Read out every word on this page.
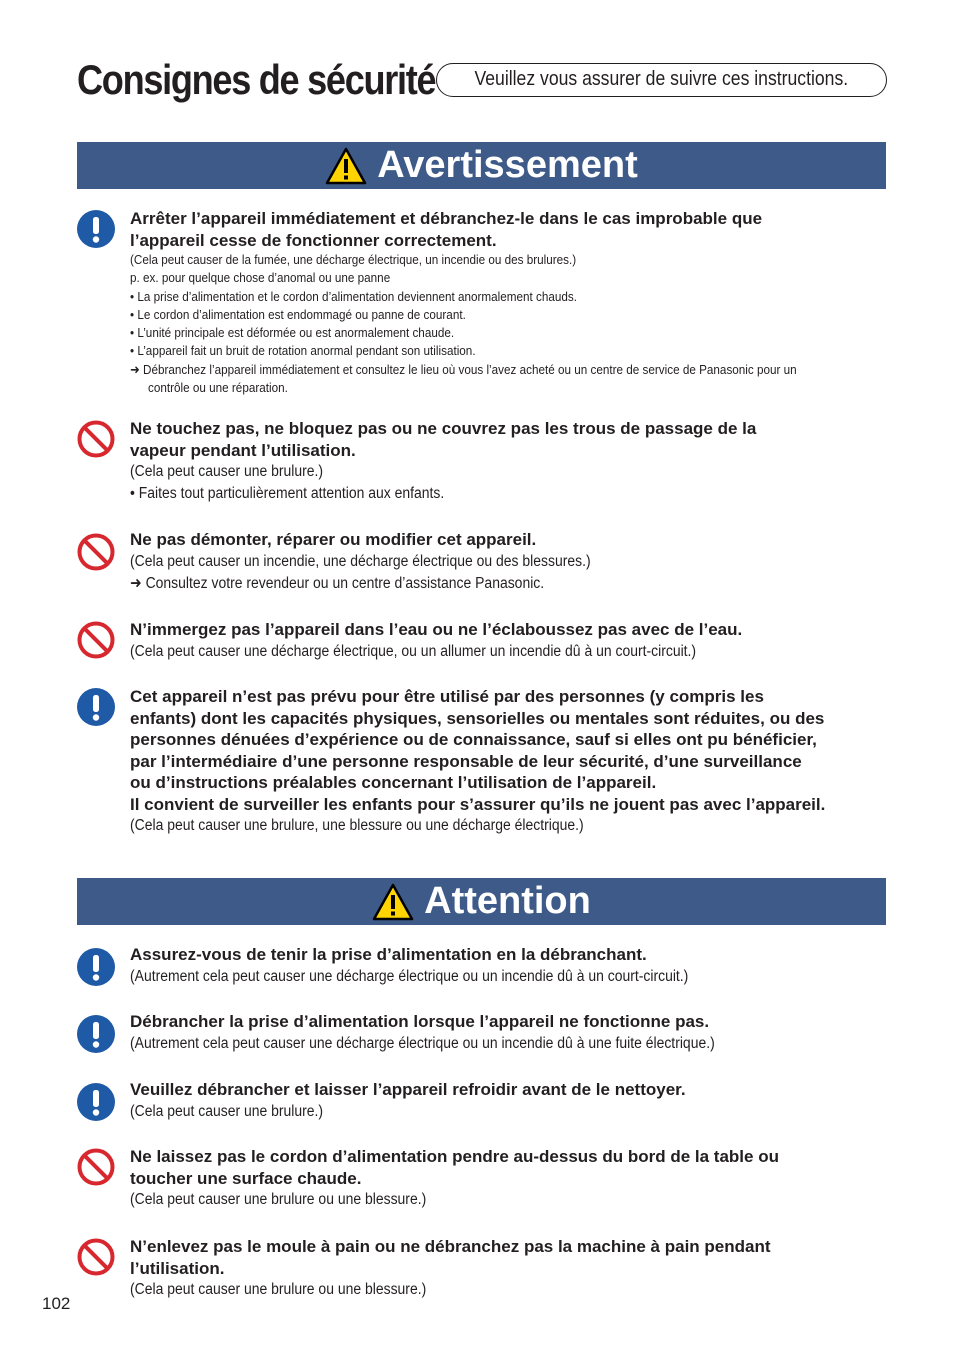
Consignes de sécurité	Veuillez vous assurer de suivre ces instructions.
Avertissement
Arrêter l’appareil immédiatement et débranchez-le dans le cas improbable que
l’appareil cesse de fonctionner correctement.
(Cela peut causer de la fumée, une décharge électrique, un incendie ou des brulures.)
p. ex. pour quelque chose d’anomal ou une panne
• La prise d’alimentation et le cordon d’alimentation deviennent anormalement chauds.
• Le cordon d’alimentation est endommagé ou panne de courant.
• L’unité principale est déformée ou est anormalement chaude.
• L’appareil fait un bruit de rotation anormal pendant son utilisation.
➜ Débranchez l’appareil immédiatement et consultez le lieu où vous l’avez acheté ou un centre de service de Panasonic pour un
contrôle ou une réparation.
Ne touchez pas, ne bloquez pas ou ne couvrez pas les trous de passage de la
vapeur pendant l’utilisation.
(Cela peut causer une brulure.)
• Faites tout particulièrement attention aux enfants.
Ne pas démonter, réparer ou modifier cet appareil.
(Cela peut causer un incendie, une décharge électrique ou des blessures.)
➜ Consultez votre revendeur ou un centre d’assistance Panasonic.
N’immergez pas l’appareil dans l’eau ou ne l’éclaboussez pas avec de l’eau.
(Cela peut causer une décharge électrique, ou un allumer un incendie dû à un court-circuit.)
Cet appareil n’est pas prévu pour être utilisé par des personnes (y compris les
enfants) dont les capacités physiques, sensorielles ou mentales sont réduites, ou des
personnes dénuées d’expérience ou de connaissance, sauf si elles ont pu bénéficier,
par l’intermédiaire d’une personne responsable de leur sécurité, d’une surveillance
ou d’instructions préalables concernant l’utilisation de l’appareil.
Il convient de surveiller les enfants pour s’assurer qu’ils ne jouent pas avec l’appareil.
(Cela peut causer une brulure, une blessure ou une décharge électrique.)
Attention
Assurez-vous de tenir la prise d’alimentation en la débranchant.
(Autrement cela peut causer une décharge électrique ou un incendie dû à un court-circuit.)
Débrancher la prise d’alimentation lorsque l’appareil ne fonctionne pas.
(Autrement cela peut causer une décharge électrique ou un incendie dû à une fuite électrique.)
Veuillez débrancher et laisser l’appareil refroidir avant de le nettoyer.
(Cela peut causer une brulure.)
Ne laissez pas le cordon d’alimentation pendre au-dessus du bord de la table ou
toucher une surface chaude.
(Cela peut causer une brulure ou une blessure.)
N’enlevez pas le moule à pain ou ne débranchez pas la machine à pain pendant
l’utilisation.
(Cela peut causer une brulure ou une blessure.)
102
